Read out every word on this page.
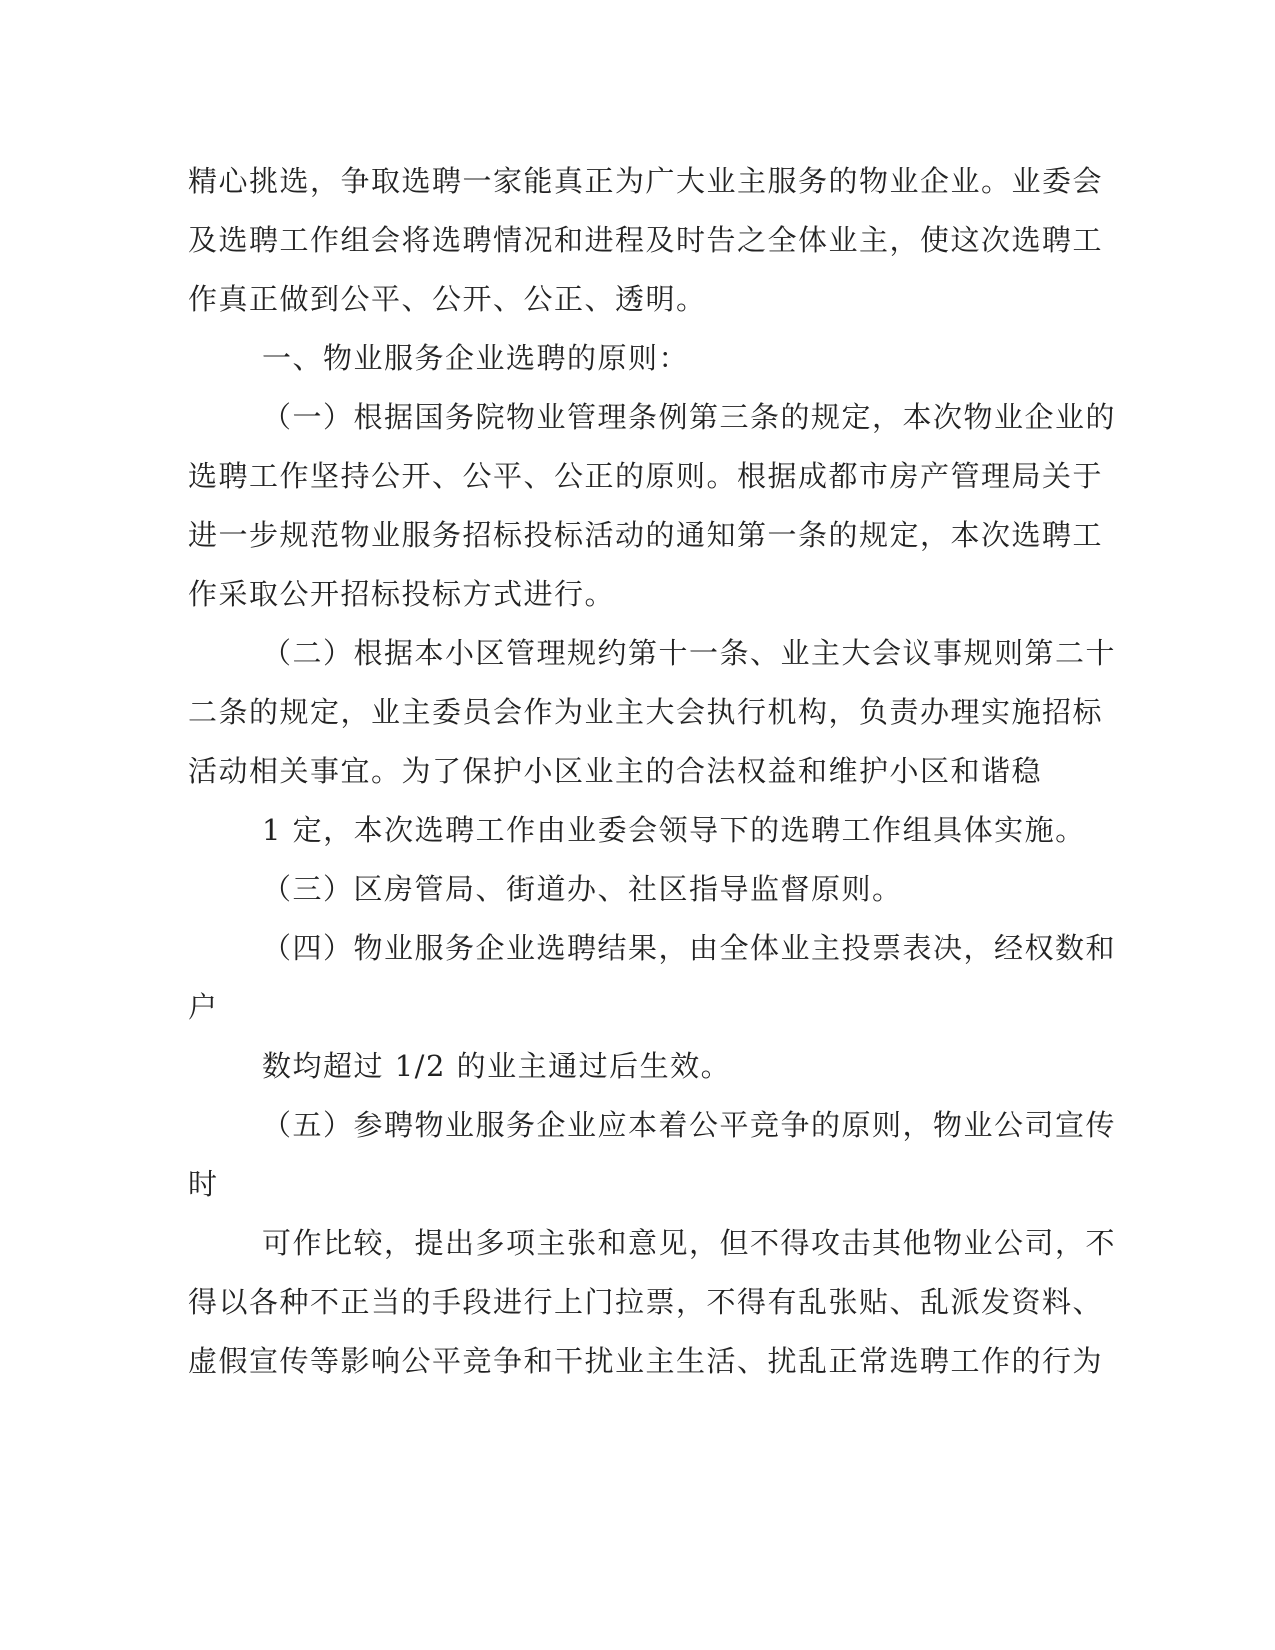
精心挑选，争取选聘一家能真正为广大业主服务的物业企业。业委会
及选聘工作组会将选聘情况和进程及时告之全体业主，使这次选聘工
作真正做到公平、公开、公正、透明。
一、物业服务企业选聘的原则：
（一）根据国务院物业管理条例第三条的规定，本次物业企业的
选聘工作坚持公开、公平、公正的原则。根据成都市房产管理局关于
进一步规范物业服务招标投标活动的通知第一条的规定，本次选聘工
作采取公开招标投标方式进行。
（二）根据本小区管理规约第十一条、业主大会议事规则第二十
二条的规定，业主委员会作为业主大会执行机构，负责办理实施招标
活动相关事宜。为了保护小区业主的合法权益和维护小区和谐稳
1 定，本次选聘工作由业委会领导下的选聘工作组具体实施。
（三）区房管局、街道办、社区指导监督原则。
（四）物业服务企业选聘结果，由全体业主投票表决，经权数和
户
数均超过 1/2 的业主通过后生效。
（五）参聘物业服务企业应本着公平竞争的原则，物业公司宣传
时
可作比较，提出多项主张和意见，但不得攻击其他物业公司，不
得以各种不正当的手段进行上门拉票，不得有乱张贴、乱派发资料、
虚假宣传等影响公平竞争和干扰业主生活、扰乱正常选聘工作的行为
